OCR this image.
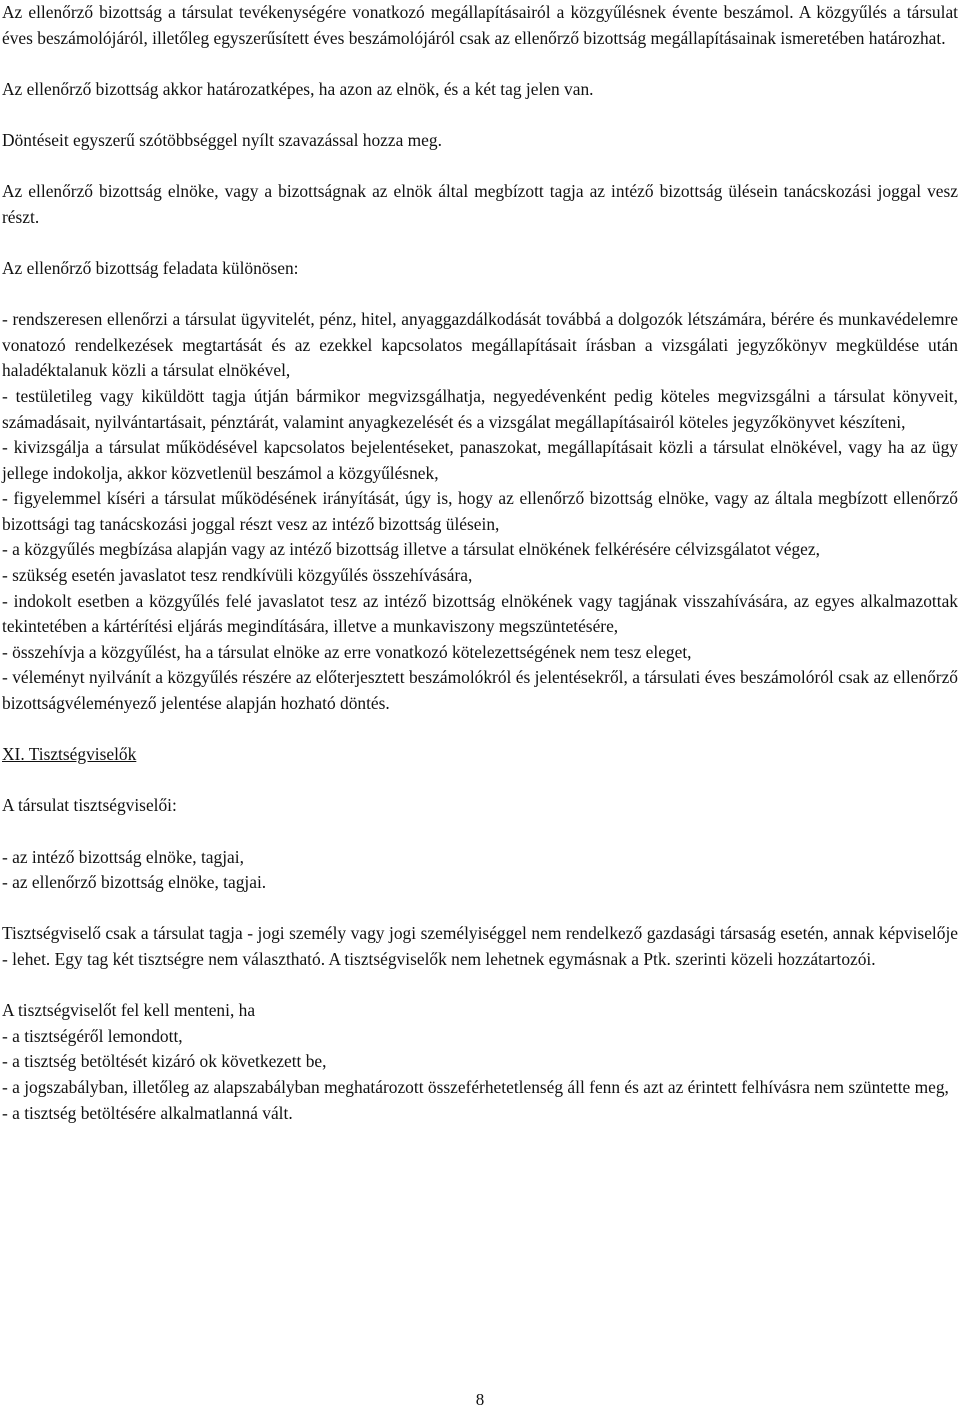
Az ellenőrző bizottság a társulat tevékenységére vonatkozó megállapításairól a közgyűlésnek évente beszámol. A közgyűlés a társulat éves beszámolójáról, illetőleg egyszerűsített éves beszámolójáról csak az ellenőrző bizottság megállapításainak ismeretében határozhat.

Az ellenőrző bizottság akkor határozatképes, ha azon az elnök, és a két tag jelen van.

Döntéseit egyszerű szótöbbséggel nyílt szavazással hozza meg.

Az ellenőrző bizottság elnöke, vagy a bizottságnak az elnök által megbízott tagja az intéző bizottság ülésein tanácskozási joggal vesz részt.

Az ellenőrző bizottság feladata különösen:

- rendszeresen ellenőrzi a társulat ügyvitelét, pénz, hitel, anyaggazdálkodását továbbá a dolgozók létszámára, bérére és munkavédelemre vonatozó rendelkezések megtartását és az ezekkel kapcsolatos megállapításait írásban a vizsgálati jegyzőkönyv megküldése után haladéktalanuk közli a társulat elnökével,
- testületileg vagy kiküldött tagja útján bármikor megvizsgálhatja, negyedévenként pedig köteles megvizsgálni a társulat könyveit, számadásait, nyilvántartásait, pénztárát, valamint anyagkezelését és a vizsgálat megállapításairól köteles jegyzőkönyvet készíteni,
- kivizsgálja a társulat működésével kapcsolatos bejelentéseket, panaszokat, megállapításait közli a társulat elnökével, vagy ha az ügy jellege indokolja, akkor közvetlenül beszámol a közgyűlésnek,
- figyelemmel kíséri a társulat működésének irányítását, úgy is, hogy az ellenőrző bizottság elnöke, vagy az általa megbízott ellenőrző bizottsági tag tanácskozási joggal részt vesz az intéző bizottság ülésein,
- a közgyűlés megbízása alapján vagy az intéző bizottság illetve a társulat elnökének felkérésére célvizsgálatot végez,
- szükség esetén javaslatot tesz rendkívüli közgyűlés összehívására,
- indokolt esetben a közgyűlés felé javaslatot tesz az intéző bizottság elnökének vagy tagjának visszahívására, az egyes alkalmazottak tekintetében a kártérítési eljárás megindítására, illetve a munkaviszony megszüntetésére,
- összehívja a közgyűlést, ha a társulat elnöke az erre vonatkozó kötelezettségének nem tesz eleget,
- véleményt nyilvánít a közgyűlés részére az előterjesztett beszámolókról és jelentésekről, a társulati éves beszámolóról csak az ellenőrző bizottságvéleményező jelentése alapján hozható döntés.

XI. Tisztségviselők

A társulat tisztségviselői:

- az intéző bizottság elnöke, tagjai,
- az ellenőrző bizottság elnöke, tagjai.

Tisztségviselő csak a társulat tagja - jogi személy vagy jogi személyiséggel nem rendelkező gazdasági társaság esetén, annak képviselője - lehet. Egy tag két tisztségre nem választható. A tisztségviselők nem lehetnek egymásnak a Ptk. szerinti közeli hozzátartozói.

A tisztségviselőt fel kell menteni, ha
- a tisztségéről lemondott,
- a tisztség betöltését kizáró ok következett be,
- a jogszabályban, illetőleg az alapszabályban meghatározott összeférhetetlenség áll fenn és azt az érintett felhívásra nem szüntette meg,
- a tisztség betöltésére alkalmatlanná vált.
8
